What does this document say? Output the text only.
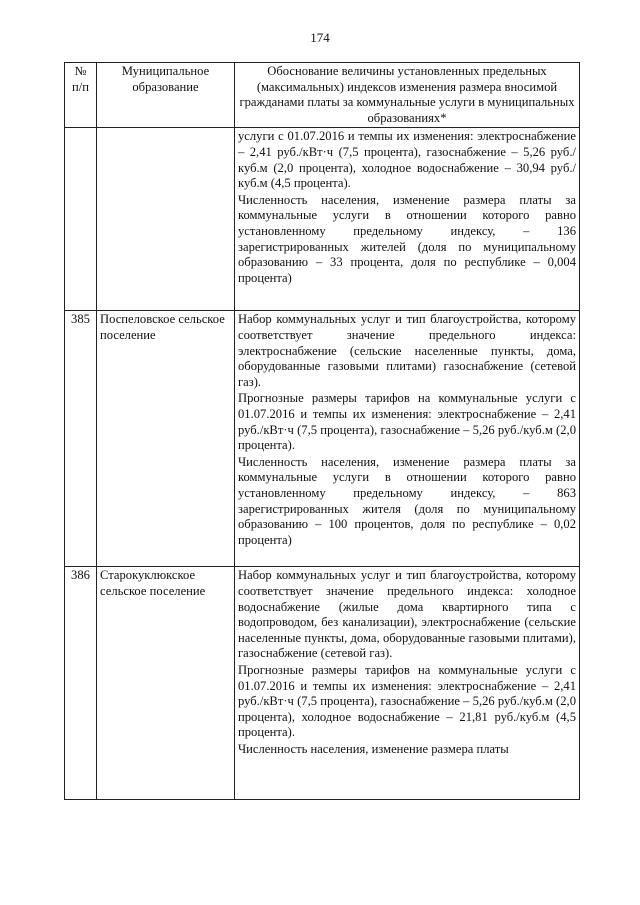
174
№ п/п	Муниципальное образование	Обоснование величины установленных предельных (максимальных) индексов изменения размера вносимой гражданами платы за коммунальные услуги в муниципальных образованиях*

		услуги с 01.07.2016 и темпы их изменения: электроснабжение – 2,41 руб./кВт·ч (7,5 процента), газоснабжение – 5,26 руб./куб.м (2,0 процента), холодное водоснабжение – 30,94 руб./куб.м (4,5 процента).

Численность населения, изменение размера платы за коммунальные услуги в отношении которого равно установленному предельному индексу, – 136 зарегистрированных жителей (доля по муниципальному образованию – 33 процента, доля по республике – 0,004 процента)

385	Поспеловское сельское поселение	Набор коммунальных услуг и тип благоустройства, которому соответствует значение предельного индекса: электроснабжение (сельские населенные пункты, дома, оборудованные газовыми плитами) газоснабжение (сетевой газ).

Прогнозные размеры тарифов на коммунальные услуги с 01.07.2016 и темпы их изменения: электроснабжение – 2,41 руб./кВт·ч (7,5 процента), газоснабжение – 5,26 руб./куб.м (2,0 процента).

Численность населения, изменение размера платы за коммунальные услуги в отношении которого равно установленному предельному индексу, – 863 зарегистрированных жителя (доля по муниципальному образованию – 100 процентов, доля по республике – 0,02 процента)

386	Старокуклюкское сельское поселение	Набор коммунальных услуг и тип благоустройства, которому соответствует значение предельного индекса: холодное водоснабжение (жилые дома квартирного типа с водопроводом, без канализации), электроснабжение (сельские населенные пункты, дома, оборудованные газовыми плитами), газоснабжение (сетевой газ).

Прогнозные размеры тарифов на коммунальные услуги с 01.07.2016 и темпы их изменения: электроснабжение – 2,41 руб./кВт·ч (7,5 процента), газоснабжение – 5,26 руб./куб.м (2,0 процента), холодное водоснабжение – 21,81 руб./куб.м (4,5 процента).

Численность населения, изменение размера платы
